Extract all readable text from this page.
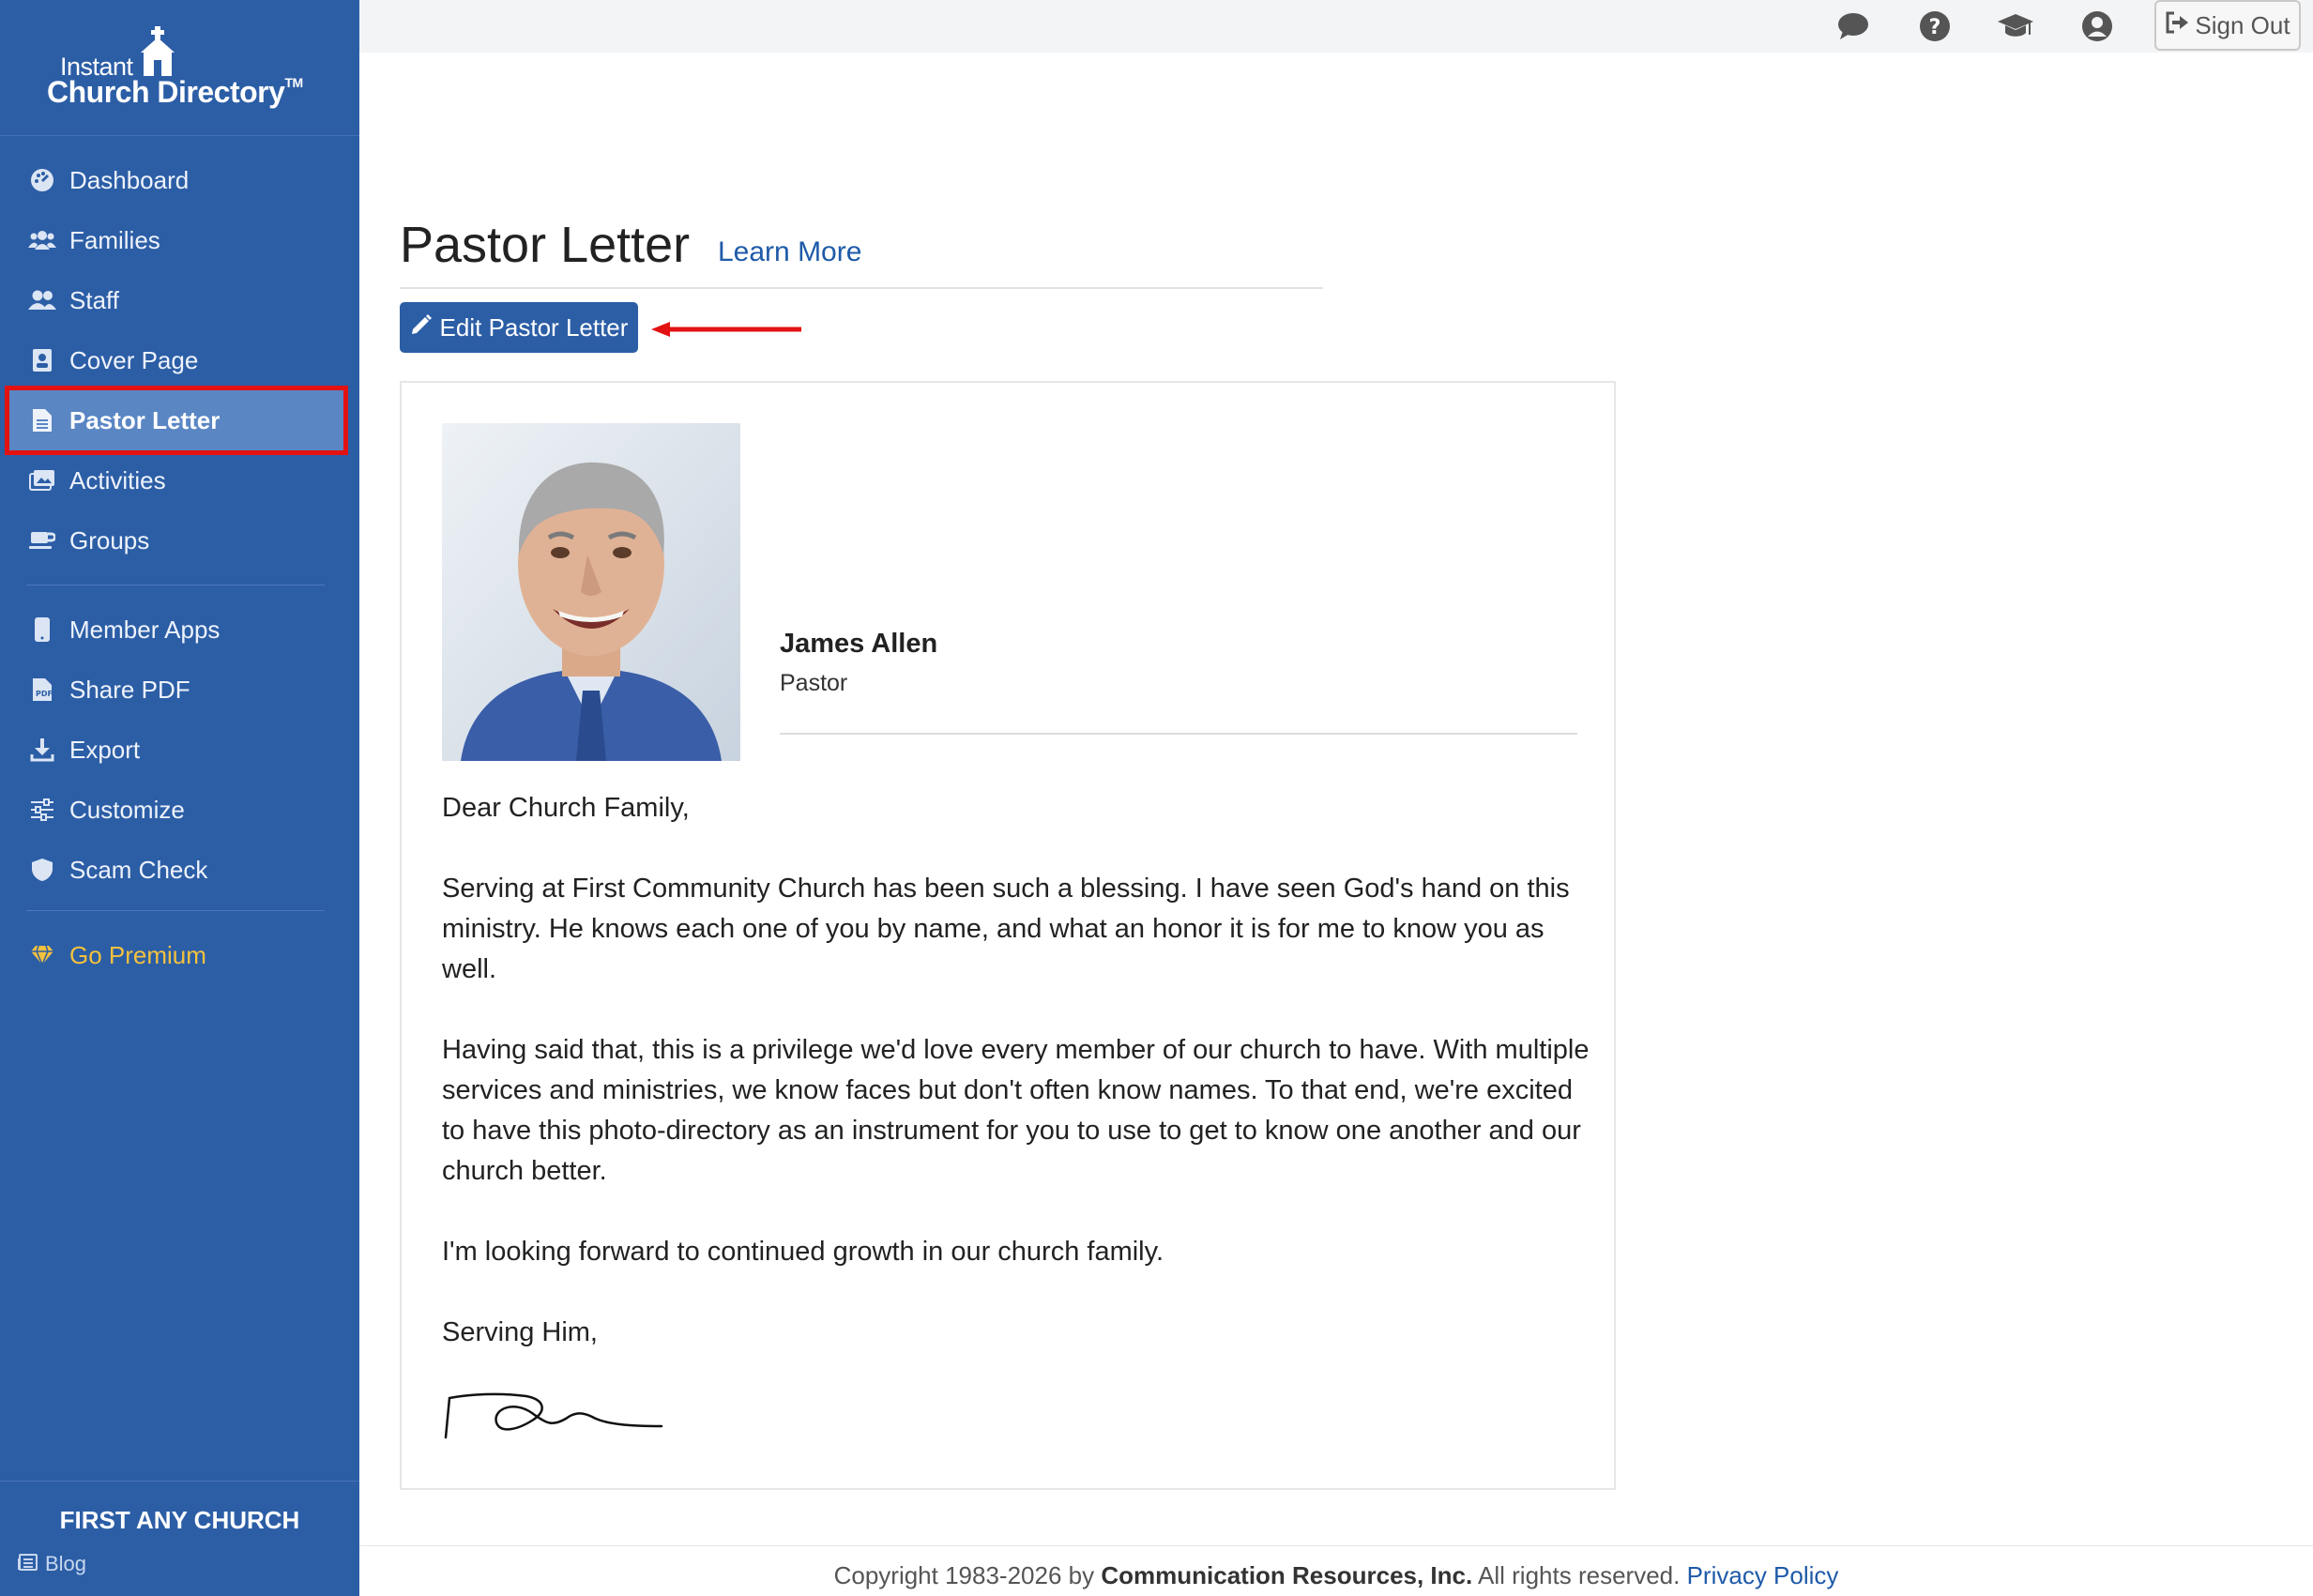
Instant
Church Directory™
Dashboard
Families
Staff
Cover Page
Pastor Letter
Activities
Groups
Member Apps
PDF Share PDF
Export
Customize
Scam Check
Go Premium
FIRST ANY CHURCH
Blog
?	Sign Out
Pastor Letter Learn More
Edit Pastor Letter
James Allen
Pastor

Dear Church Family,

Serving at First Community Church has been such a blessing. I have seen God's hand on this ministry. He knows each one of you by name, and what an honor it is for me to know you as well.

Having said that, this is a privilege we'd love every member of our church to have. With multiple services and ministries, we know faces but don't often know names. To that end, we're excited to have this photo-directory as an instrument for you to use to get to know one another and our church better.

I'm looking forward to continued growth in our church family.

Serving Him,

Copyright 1983-2026 by Communication Resources, Inc. All rights reserved. Privacy Policy
